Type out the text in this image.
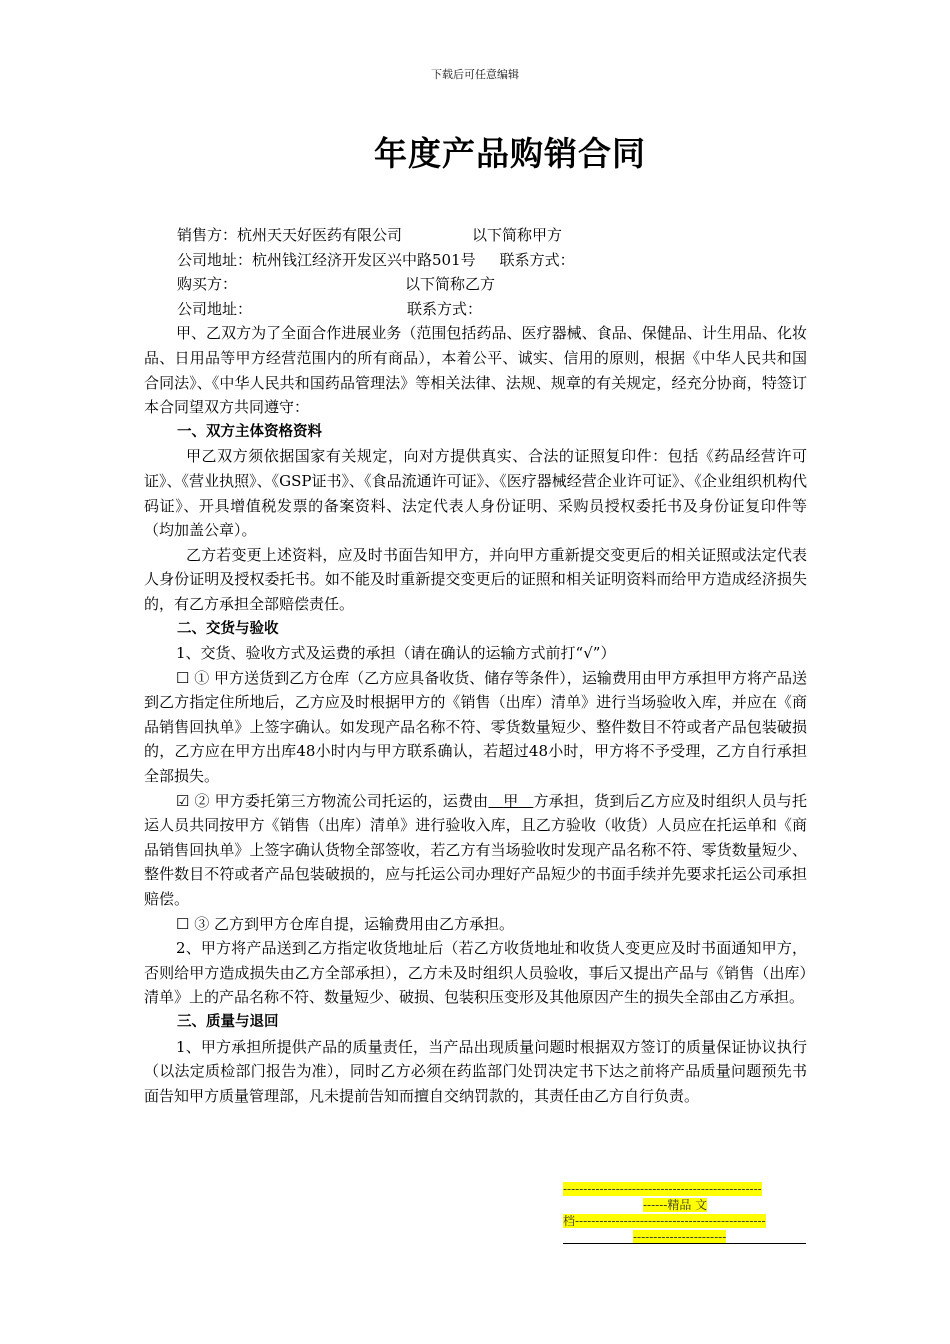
下载后可任意编辑
年度产品购销合同
销售方：杭州天天好医药有限公司	以下简称甲方
公司地址：杭州钱江经济开发区兴中路501号 联系方式：
购买方：	以下简称乙方
公司地址：	联系方式：

甲、乙双方为了全面合作进展业务（范围包括药品、医疗器械、食品、保健品、计生用品、化妆品、日用品等甲方经营范围内的所有商品），本着公平、诚实、信用的原则，根据《中华人民共和国合同法》、《中华人民共和国药品管理法》等相关法律、法规、规章的有关规定，经充分协商，特签订本合同望双方共同遵守：

一、双方主体资格资料

甲乙双方须依据国家有关规定，向对方提供真实、合法的证照复印件：包括《药品经营许可证》、《营业执照》、《GSP证书》、《食品流通许可证》、《医疗器械经营企业许可证》、《企业组织机构代码证》、开具增值税发票的备案资料、法定代表人身份证明、采购员授权委托书及身份证复印件等（均加盖公章）。

乙方若变更上述资料，应及时书面告知甲方，并向甲方重新提交变更后的相关证照或法定代表人身份证明及授权委托书。如不能及时重新提交变更后的证照和相关证明资料而给甲方造成经济损失的，有乙方承担全部赔偿责任。

二、交货与验收

1、交货、验收方式及运费的承担（请在确认的运输方式前打“√”）

☐ ① 甲方送货到乙方仓库（乙方应具备收货、储存等条件），运输费用由甲方承担甲方将产品送到乙方指定住所地后，乙方应及时根据甲方的《销售（出库）清单》进行当场验收入库，并应在《商品销售回执单》上签字确认。如发现产品名称不符、零货数量短少、整件数目不符或者产品包装破损的，乙方应在甲方出库48小时内与甲方联系确认，若超过48小时，甲方将不予受理，乙方自行承担全部损失。

☑ ② 甲方委托第三方物流公司托运的，运费由 甲 方承担，货到后乙方应及时组织人员与托运人员共同按甲方《销售（出库）清单》进行验收入库，且乙方验收（收货）人员应在托运单和《商品销售回执单》上签字确认货物全部签收，若乙方有当场验收时发现产品名称不符、零货数量短少、整件数目不符或者产品包装破损的，应与托运公司办理好产品短少的书面手续并先要求托运公司承担赔偿。

☐ ③ 乙方到甲方仓库自提，运输费用由乙方承担。

2、甲方将产品送到乙方指定收货地址后（若乙方收货地址和收货人变更应及时书面通知甲方，否则给甲方造成损失由乙方全部承担），乙方未及时组织人员验收，事后又提出产品与《销售（出库）清单》上的产品名称不符、数量短少、破损、包装积压变形及其他原因产生的损失全部由乙方承担。

三、质量与退回

1、甲方承担所提供产品的质量责任，当产品出现质量问题时根据双方签订的质量保证协议执行（以法定质检部门报告为准），同时乙方必须在药监部门处罚决定书下达之前将产品质量问题预先书面告知甲方质量管理部，凡未提前告知而擅自交纳罚款的，其责任由乙方自行负责。

-------------------------------------------------
------精品 文
档-----------------------------------------------
-----------------------
